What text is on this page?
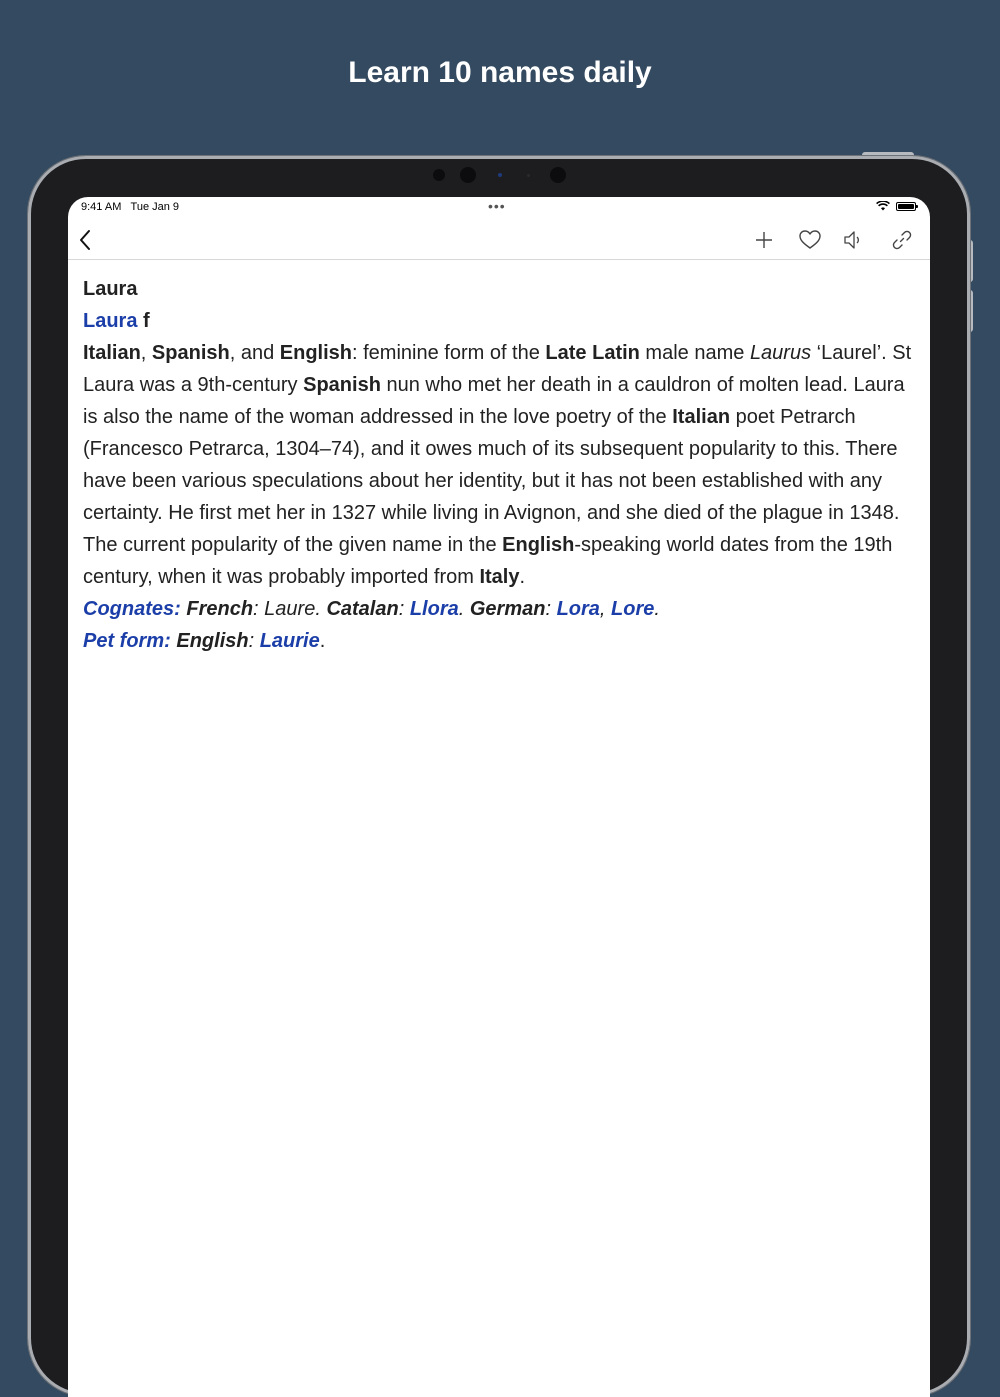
Learn 10 names daily
9:41 AM Tue Jan 9	•••

Laura

Laura f

Italian, Spanish, and English: feminine form of the Late Latin male name Laurus ‘Laurel’. St Laura was a 9th-century Spanish nun who met her death in a cauldron of molten lead. Laura is also the name of the woman addressed in the love poetry of the Italian poet Petrarch (Francesco Petrarca, 1304–74), and it owes much of its subsequent popularity to this. There have been various speculations about her identity, but it has not been established with any certainty. He first met her in 1327 while living in Avignon, and she died of the plague in 1348. The current popularity of the given name in the English-speaking world dates from the 19th century, when it was probably imported from Italy.

Cognates: French: Laure. Catalan: Llora. German: Lora, Lore.

Pet form: English: Laurie.
